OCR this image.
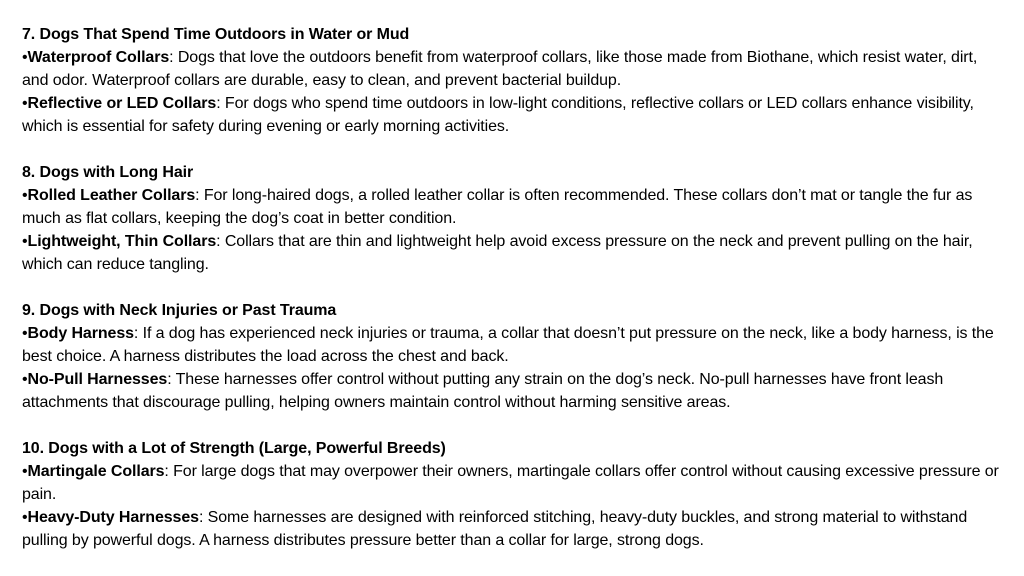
7. Dogs That Spend Time Outdoors in Water or Mud

•Waterproof Collars: Dogs that love the outdoors benefit from waterproof collars, like those made from Biothane, which resist water, dirt, and odor. Waterproof collars are durable, easy to clean, and prevent bacterial buildup.

•Reflective or LED Collars: For dogs who spend time outdoors in low-light conditions, reflective collars or LED collars enhance visibility, which is essential for safety during evening or early morning activities.

8. Dogs with Long Hair

•Rolled Leather Collars: For long-haired dogs, a rolled leather collar is often recommended. These collars don’t mat or tangle the fur as much as flat collars, keeping the dog’s coat in better condition.

•Lightweight, Thin Collars: Collars that are thin and lightweight help avoid excess pressure on the neck and prevent pulling on the hair, which can reduce tangling.

9. Dogs with Neck Injuries or Past Trauma

•Body Harness: If a dog has experienced neck injuries or trauma, a collar that doesn’t put pressure on the neck, like a body harness, is the best choice. A harness distributes the load across the chest and back.

•No-Pull Harnesses: These harnesses offer control without putting any strain on the dog’s neck. No-pull harnesses have front leash attachments that discourage pulling, helping owners maintain control without harming sensitive areas.

10. Dogs with a Lot of Strength (Large, Powerful Breeds)

•Martingale Collars: For large dogs that may overpower their owners, martingale collars offer control without causing excessive pressure or pain.

•Heavy-Duty Harnesses: Some harnesses are designed with reinforced stitching, heavy-duty buckles, and strong material to withstand pulling by powerful dogs. A harness distributes pressure better than a collar for large, strong dogs.
